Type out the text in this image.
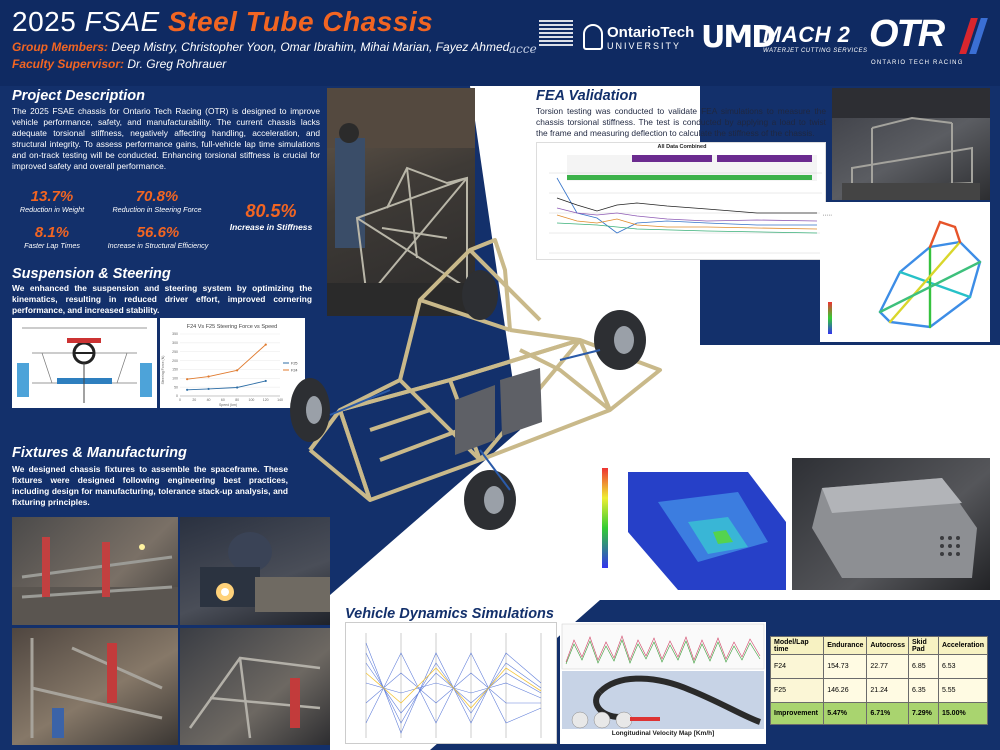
2025 FSAE Steel Tube Chassis
Group Members: Deep Mistry, Christopher Yoon, Omar Ibrahim, Mihai Marian, Fayez Ahmed
Faculty Supervisor: Dr. Greg Rohrauer
acce
OntarioTech
UNIVERSITY UMD
MACH 2
WATERJET CUTTING SERVICES OTR
ONTARIO TECH RACING
Project Description
The 2025 FSAE chassis for Ontario Tech Racing (OTR) is designed to improve vehicle performance, safety, and manufacturability. The current chassis lacks adequate torsional stiffness, negatively affecting handling, acceleration, and structural integrity. To assess performance gains, full-vehicle lap time simulations and on-track testing will be conducted. Enhancing torsional stiffness is crucial for improved safety and overall performance.
13.7%
Reduction in Weight
70.8%
Reduction in Steering Force
8.1%
Faster Lap Times
56.6%
Increase in Structural Efficiency
80.5%
Increase in Stiffness
Suspension & Steering
We enhanced the suspension and steering system by optimizing the kinematics, resulting in reduced driver effort, improved cornering performance, and increased stability.
F24 Vs F25 Steering Force vs Speed
Steering Force (N)
Speed (km)
0
50
100
150
200
250
300
350
0	20	40	60	80	100 120 140
F25
F24
Fixtures & Manufacturing
We designed chassis fixtures to assemble the spaceframe. These fixtures were designed following engineering best practices, including design for manufacturing, tolerance stack-up analysis, and fixturing principles.
FEA Validation
Torsion testing was conducted to validate FEA simulations to measure the chassis torsional stiffness. The test is conducted by applying a load to twist the frame and measuring deflection to calculate the stiffness of the chassis.
All Data Combined
▪ ▪ ▪ ▪ ▪
Accumulator
The accumulator shell was fully redesigned, achieving a weight reduction of 13 kg. This new design accommodates the F24 modules while integrating with the F25 chassis. Constructed from welded aluminum with CNC machined surfaces, it optimizes weight reduction while ensuring compliance with FSAE regulations. Additionally, welded steel mounting brackets fasten the enclosure to the chassis, improving both battery security and overall chassis strength.
Vehicle Dynamics Simulations
Longitudinal Velocity Map [Km/h]
Model/Lap time	Endurance	Autocross	Skid Pad	Acceleration
F24	154.73	22.77	6.85	6.53
F25	146.26	21.24	6.35	5.55
Improvement	5.47%	6.71%	7.29%	15.00%
